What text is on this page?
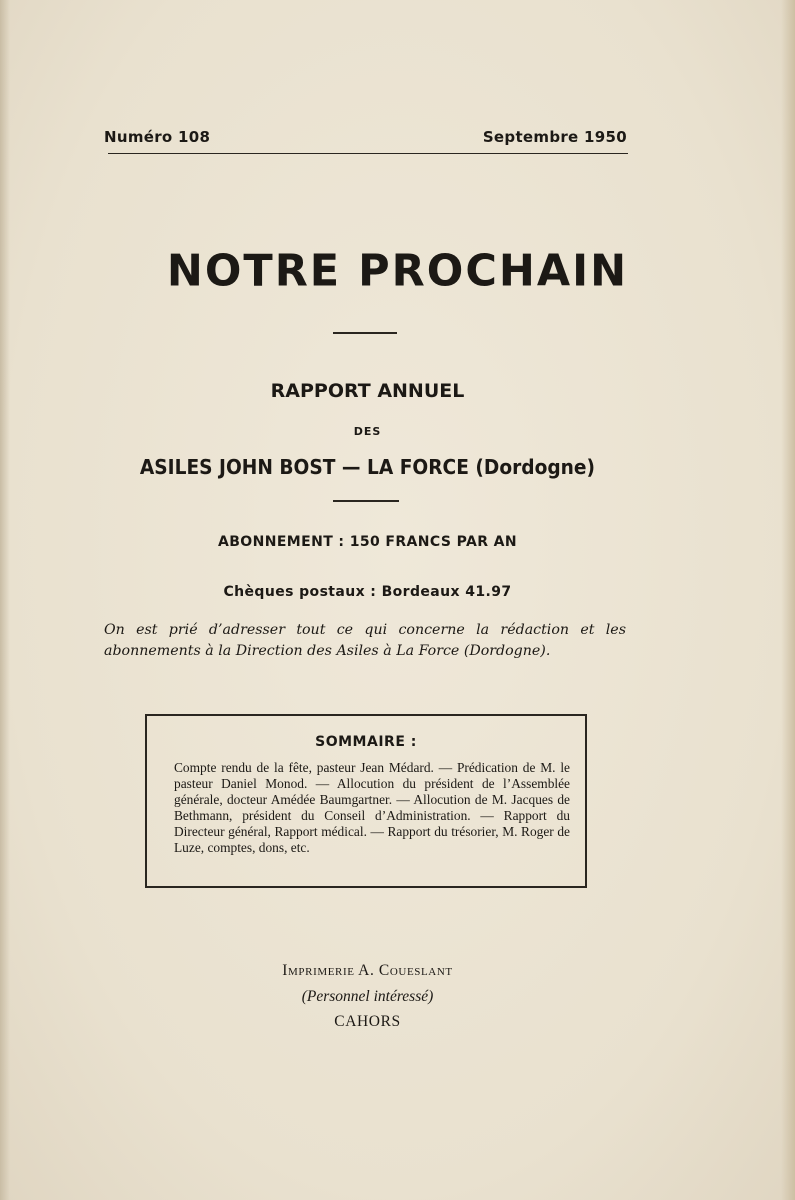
Numéro 108	Septembre 1950

NOTRE PROCHAIN

RAPPORT ANNUEL

DES

ASILES JOHN BOST — LA FORCE (Dordogne)

ABONNEMENT : 150 FRANCS PAR AN

Chèques postaux : Bordeaux 41.97

On est prié d’adresser tout ce qui concerne la rédaction et les abonnements à la Direction des Asiles à La Force (Dordogne).

SOMMAIRE :

Compte rendu de la fête, pasteur Jean Médard. — Prédication de M. le pasteur Daniel Monod. — Allocution du président de l’Assemblée générale, docteur Amédée Baumgartner. — Allocution de M. Jacques de Bethmann, président du Conseil d’Administration. — Rapport du Directeur général, Rapport médical. — Rapport du trésorier, M. Roger de Luze, comptes, dons, etc.

Imprimerie A. Coueslant

(Personnel intéressé)

CAHORS
